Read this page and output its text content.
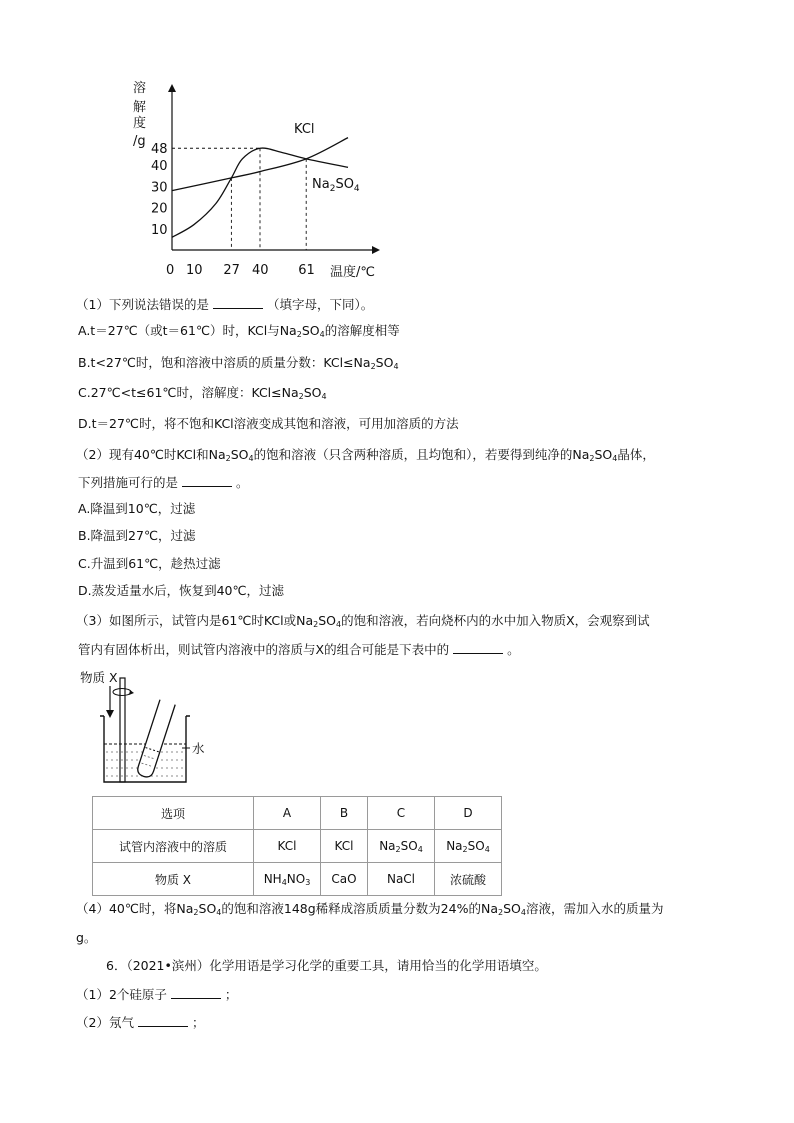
溶
解
度
/g
温度/℃
0 10 27 40 61
10
20
30
40
48
KCl
$Na_2SO_4$
（1）下列说法错误的是	（填字母，下同）。
A.t＝27℃（或t＝61℃）时，KCl与$Na_2SO_4$的溶解度相等
B.t<27℃时，饱和溶液中溶质的质量分数：$KCl\le Na_2SO_4$
C.27℃<t≤61℃时，溶解度：$KCl\le Na_2SO_4$
D.t＝27℃时，将不饱和KCl溶液变成其饱和溶液，可用加溶质的方法
（2）现有40℃时KCl和$Na_2SO_4$的饱和溶液（只含两种溶质，且均饱和），若要得到纯净的$Na_2SO_4$晶体，
下列措施可行的是	。
A.降温到10℃，过滤
B.降温到27℃，过滤
C.升温到61℃，趁热过滤
D.蒸发适量水后，恢复到40℃，过滤
（3）如图所示，试管内是61℃时KCl或$Na_2SO_4$的饱和溶液，若向烧杯内的水中加入物质X，会观察到试
管内有固体析出，则试管内溶液中的溶质与X的组合可能是下表中的	。
物质 X
水
选项	A	B	C	D
试管内溶液中的溶质	KCl	KCl	$Na_2SO_4$	$Na_2SO_4$
物质 X	$NH_4NO_3$	CaO	NaCl	浓硫酸
（4）40℃时，将$Na_2SO_4$的饱和溶液148g稀释成溶质质量分数为24%的$Na_2SO_4$溶液，需加入水的质量为
g。
6．（2021•滨州）化学用语是学习化学的重要工具，请用恰当的化学用语填空。
（1）2个硅原子	；
（2）氖气	；
